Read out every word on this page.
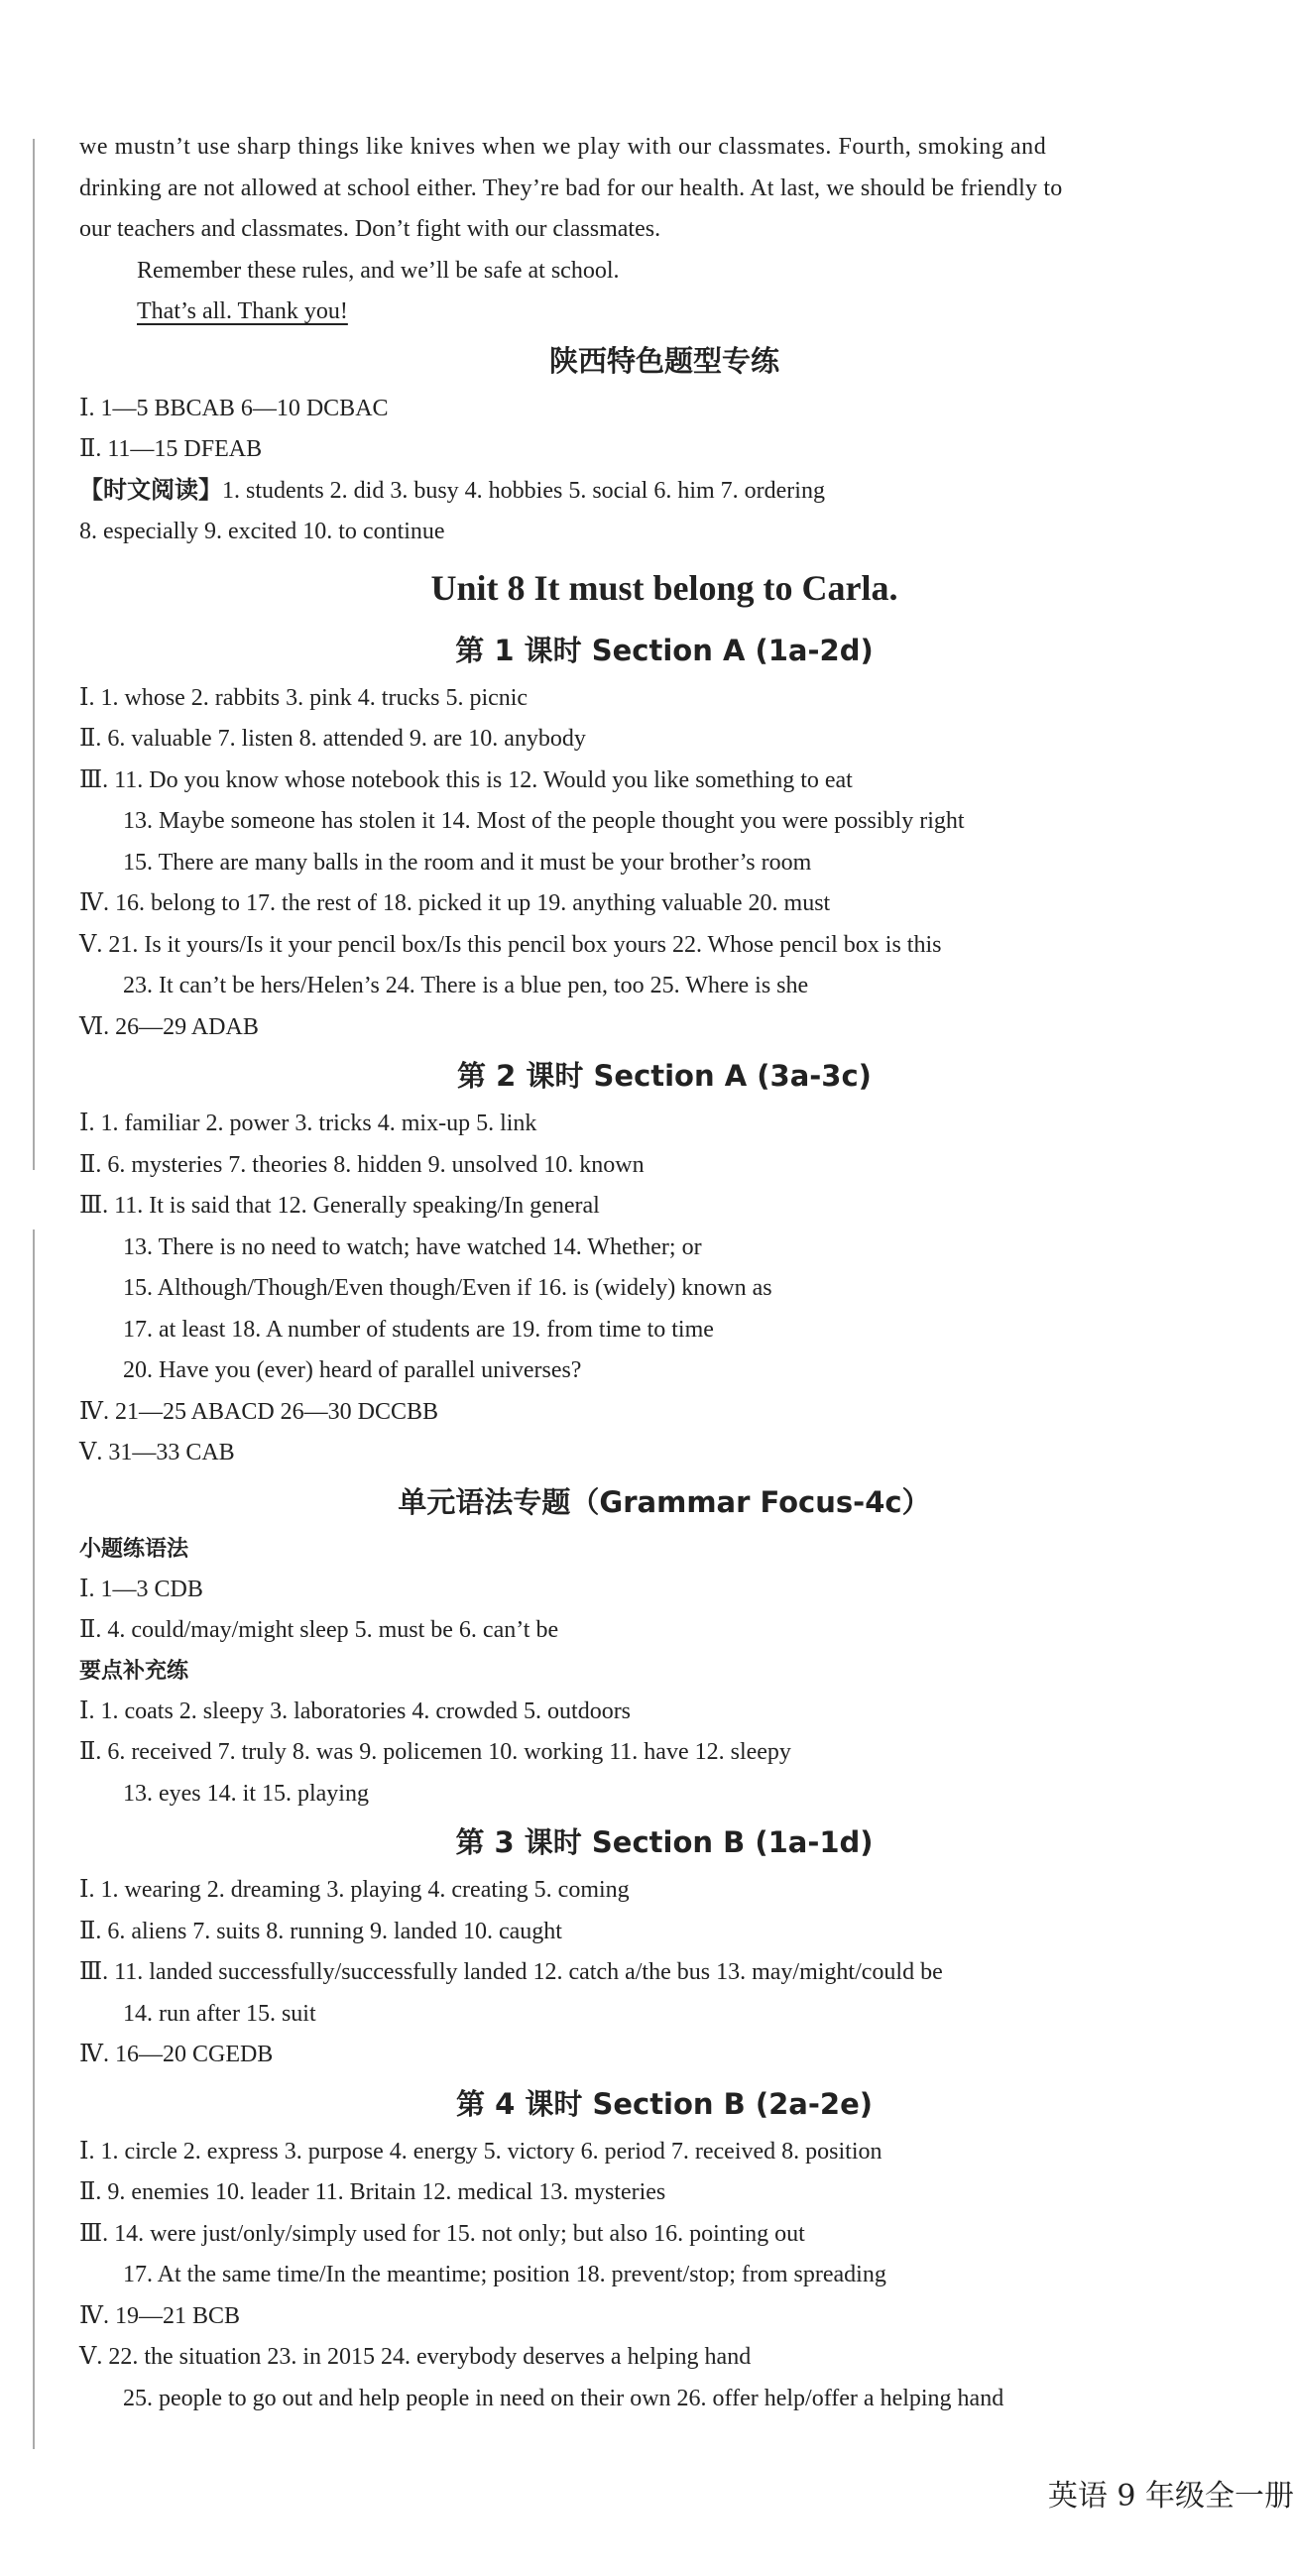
we mustn’t use sharp things like knives when we play with our classmates. Fourth, smoking and
drinking are not allowed at school either. They’re bad for our health. At last, we should be friendly to
our teachers and classmates. Don’t fight with our classmates.
Remember these rules, and we’ll be safe at school.
That’s all. Thank you!
陕西特色题型专练
Ⅰ. 1—5 BBCAB 6—10 DCBAC
Ⅱ. 11—15 DFEAB
【时文阅读】1. students 2. did 3. busy 4. hobbies 5. social 6. him 7. ordering
8. especially 9. excited 10. to continue
Unit 8 It must belong to Carla.
第 1 课时 Section A (1a-2d)
Ⅰ. 1. whose 2. rabbits 3. pink 4. trucks 5. picnic
Ⅱ. 6. valuable 7. listen 8. attended 9. are 10. anybody
Ⅲ. 11. Do you know whose notebook this is 12. Would you like something to eat
13. Maybe someone has stolen it 14. Most of the people thought you were possibly right
15. There are many balls in the room and it must be your brother’s room
Ⅳ. 16. belong to 17. the rest of 18. picked it up 19. anything valuable 20. must
Ⅴ. 21. Is it yours/Is it your pencil box/Is this pencil box yours 22. Whose pencil box is this
23. It can’t be hers/Helen’s 24. There is a blue pen, too 25. Where is she
Ⅵ. 26—29 ADAB
第 2 课时 Section A (3a-3c)
Ⅰ. 1. familiar 2. power 3. tricks 4. mix-up 5. link
Ⅱ. 6. mysteries 7. theories 8. hidden 9. unsolved 10. known
Ⅲ. 11. It is said that 12. Generally speaking/In general
13. There is no need to watch; have watched 14. Whether; or
15. Although/Though/Even though/Even if 16. is (widely) known as
17. at least 18. A number of students are 19. from time to time
20. Have you (ever) heard of parallel universes?
Ⅳ. 21—25 ABACD 26—30 DCCBB
Ⅴ. 31—33 CAB
单元语法专题（Grammar Focus-4c）
小题练语法
Ⅰ. 1—3 CDB
Ⅱ. 4. could/may/might sleep 5. must be 6. can’t be
要点补充练
Ⅰ. 1. coats 2. sleepy 3. laboratories 4. crowded 5. outdoors
Ⅱ. 6. received 7. truly 8. was 9. policemen 10. working 11. have 12. sleepy
13. eyes 14. it 15. playing
第 3 课时 Section B (1a-1d)
Ⅰ. 1. wearing 2. dreaming 3. playing 4. creating 5. coming
Ⅱ. 6. aliens 7. suits 8. running 9. landed 10. caught
Ⅲ. 11. landed successfully/successfully landed 12. catch a/the bus 13. may/might/could be
14. run after 15. suit
Ⅳ. 16—20 CGEDB
第 4 课时 Section B (2a-2e)
Ⅰ. 1. circle 2. express 3. purpose 4. energy 5. victory 6. period 7. received 8. position
Ⅱ. 9. enemies 10. leader 11. Britain 12. medical 13. mysteries
Ⅲ. 14. were just/only/simply used for 15. not only; but also 16. pointing out
17. At the same time/In the meantime; position 18. prevent/stop; from spreading
Ⅳ. 19—21 BCB
Ⅴ. 22. the situation 23. in 2015 24. everybody deserves a helping hand
25. people to go out and help people in need on their own 26. offer help/offer a helping hand
英语 9 年级全一册
